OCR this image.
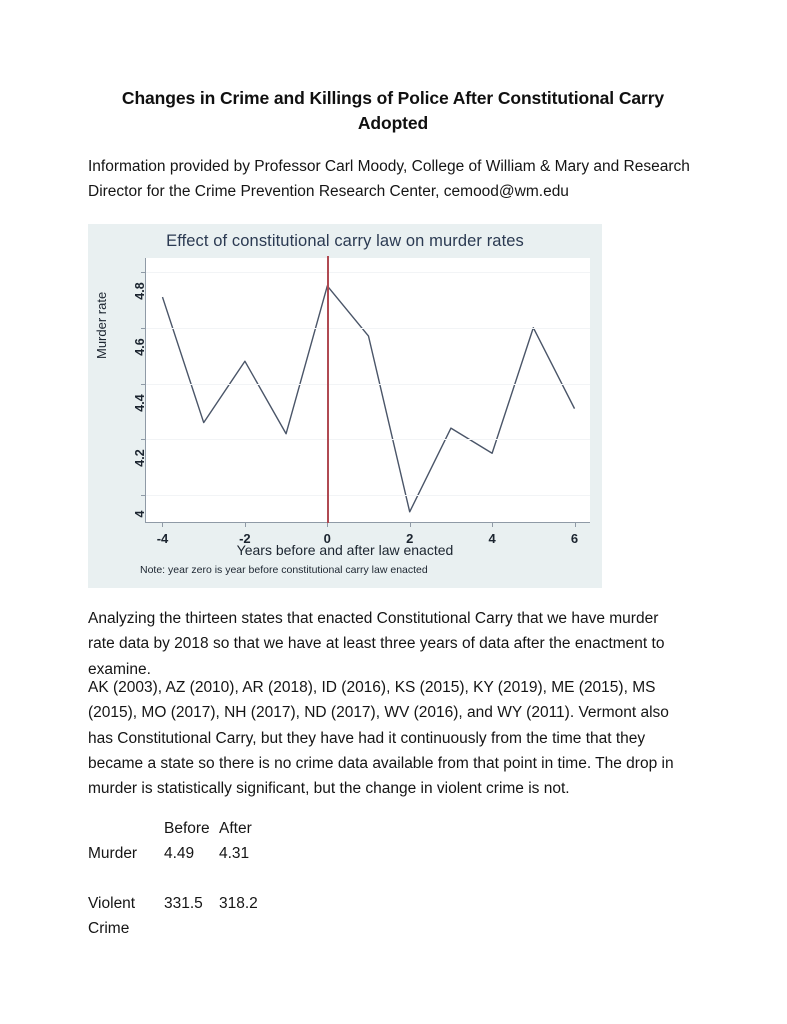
Changes in Crime and Killings of Police After Constitutional Carry Adopted
Information provided by Professor Carl Moody, College of William & Mary and Research Director for the Crime Prevention Research Center, cemood@wm.edu
Effect of constitutional carry law on murder rates
Murder rate
4
4.2
4.4
4.6
4.8
-4	-2	0	2	4	6
Years before and after law enacted
Note: year zero is year before constitutional carry law enacted
Analyzing the thirteen states that enacted Constitutional Carry that we have murder rate data by 2018 so that we have at least three years of data after the enactment to examine.
AK (2003), AZ (2010), AR (2018), ID (2016), KS (2015), KY (2019), ME (2015), MS (2015), MO (2017), NH (2017), ND (2017), WV (2016), and WY (2011). Vermont also has Constitutional Carry, but they have had it continuously from the time that they became a state so there is no crime data available from that point in time. The drop in murder is statistically significant, but the change in violent crime is not.
	Before	After
Murder	4.49	4.31

Violent	331.5	318.2
Crime		
